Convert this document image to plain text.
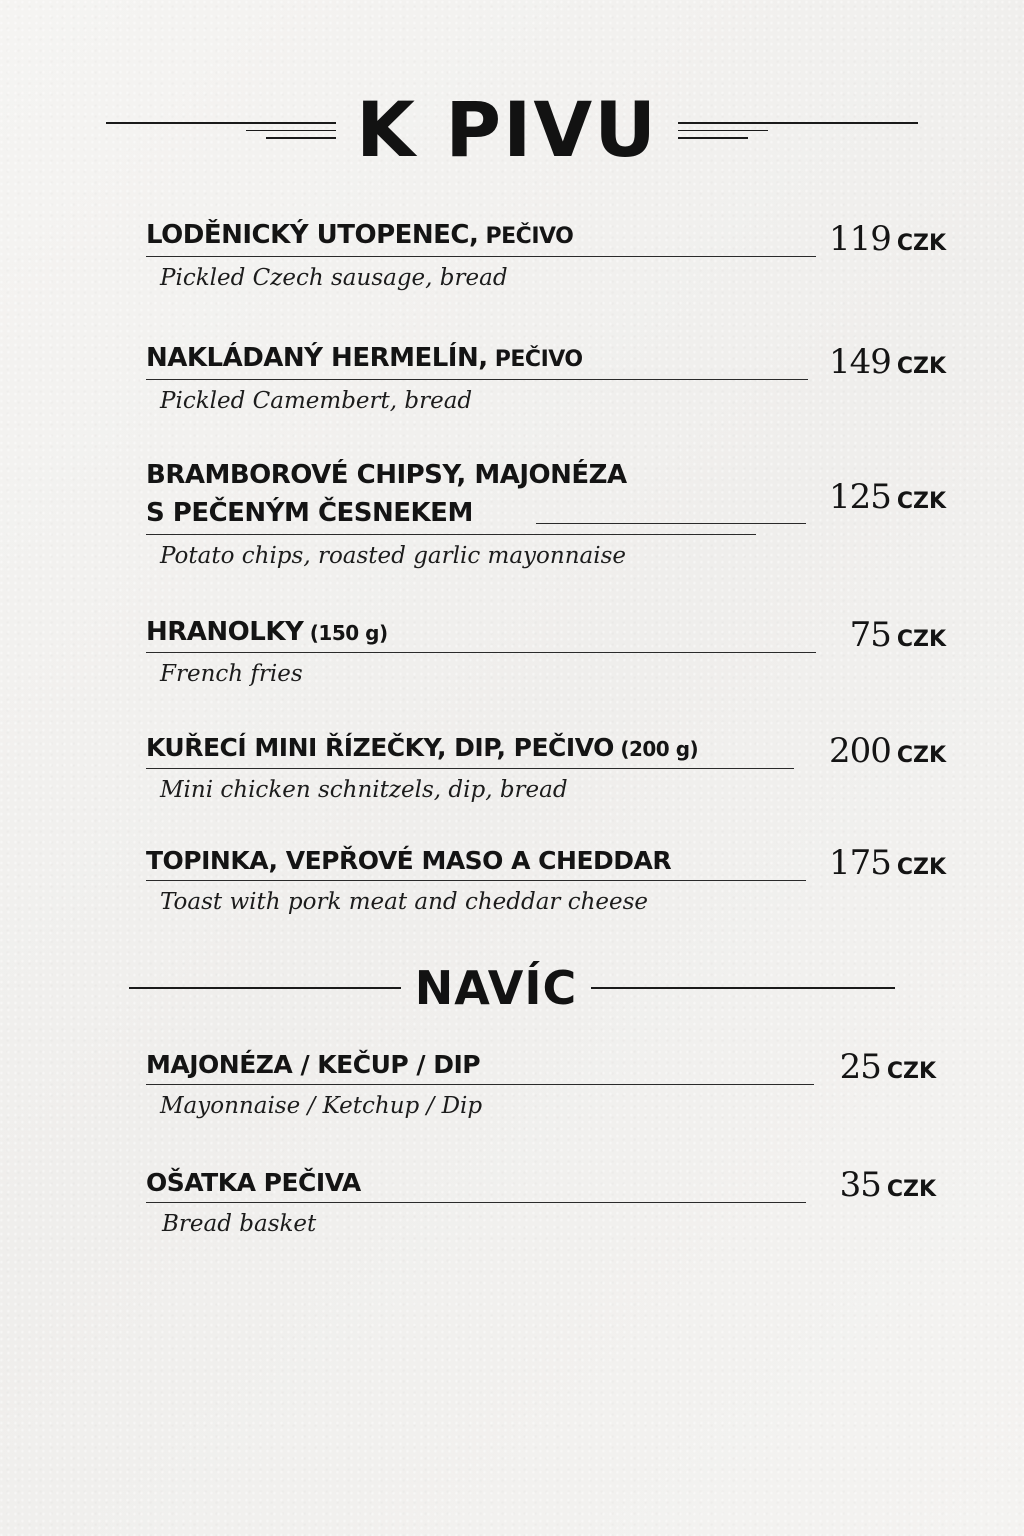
K PIVU
LODĚNICKÝ UTOPENEC, PEČIVO	119 CZK
Pickled Czech sausage, bread
NAKLÁDANÝ HERMELÍN, PEČIVO	149 CZK
Pickled Camembert, bread
BRAMBOROVÉ CHIPSY, MAJONÉZA
S PEČENÝM ČESNEKEM	125 CZK
Potato chips, roasted garlic mayonnaise
HRANOLKY (150 g)	75 CZK
French fries
KUŘECÍ MINI ŘÍZEČKY, DIP, PEČIVO (200 g)	200 CZK
Mini chicken schnitzels, dip, bread
TOPINKA, VEPŘOVÉ MASO A CHEDDAR	175 CZK
Toast with pork meat and cheddar cheese
NAVÍC
MAJONÉZA / KEČUP / DIP	25 CZK
Mayonnaise / Ketchup / Dip
OŠATKA PEČIVA	35 CZK
Bread basket
